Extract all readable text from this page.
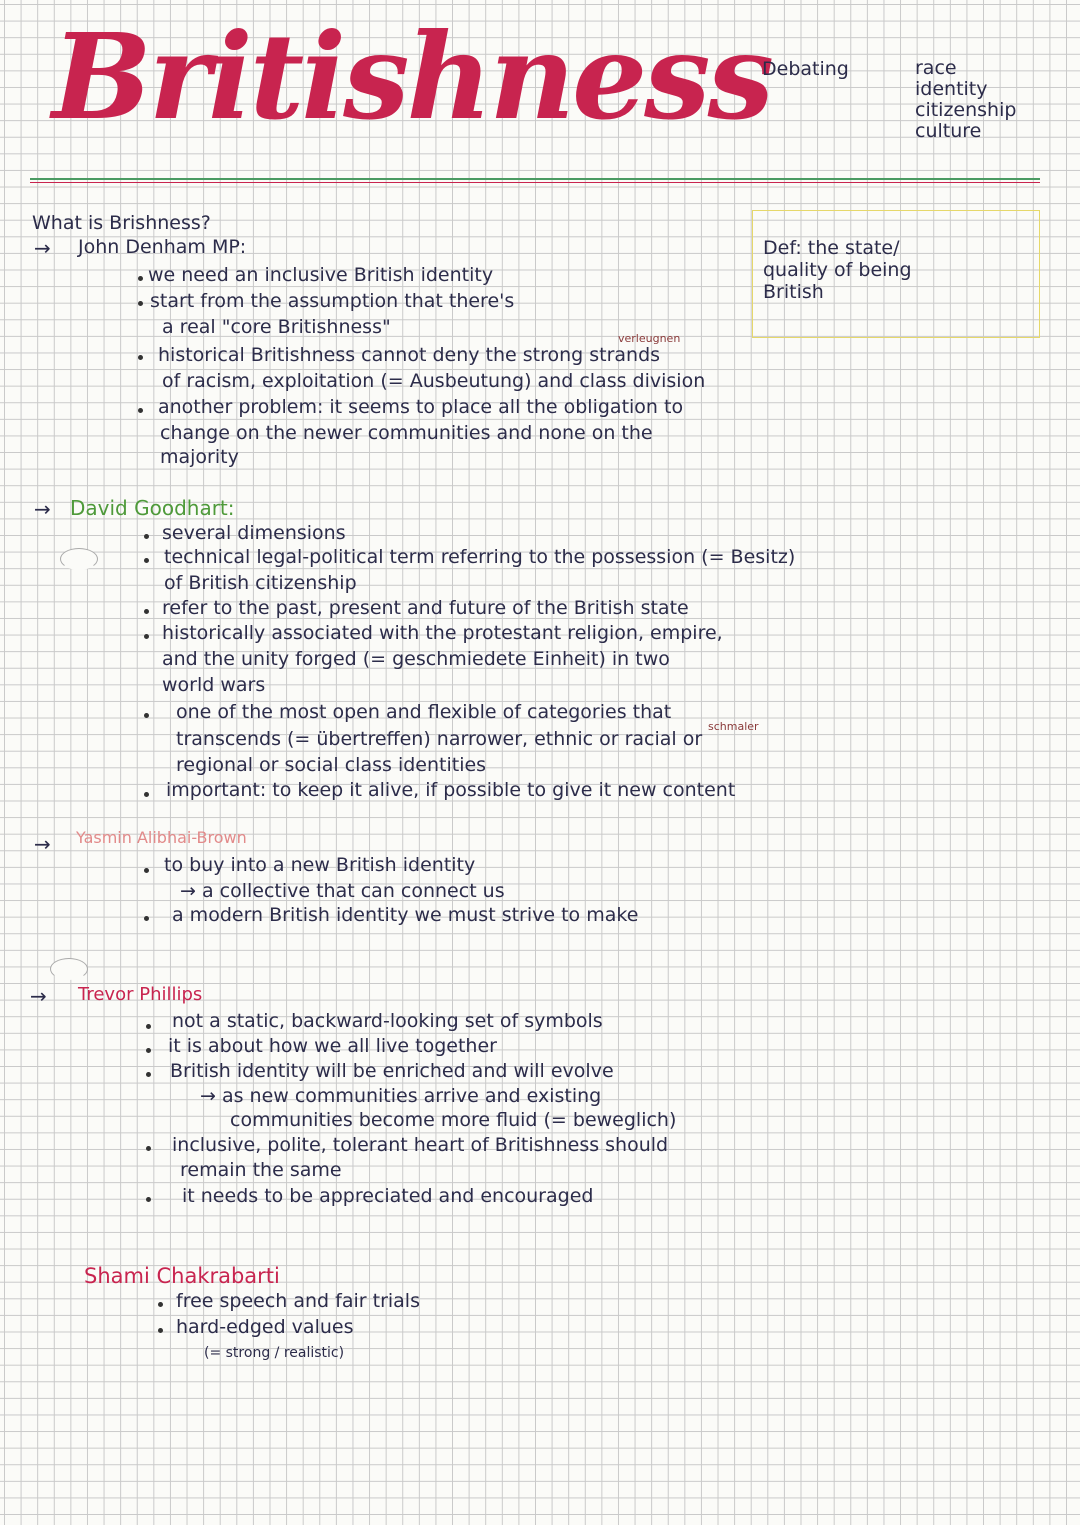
Britishness
Debating	race
identity
citizenship
culture
What is Brishness?
Def: the state/
quality of being
British
→ John Denham MP:
we need an inclusive British identity
start from the assumption that there's
a real "core Britishness"
verleugnen
historical Britishness cannot deny the strong strands
of racism, exploitation (= Ausbeutung) and class division
another problem: it seems to place all the obligation to
change on the newer communities and none on the
majority
→ David Goodhart:
several dimensions
technical legal-political term referring to the possession (= Besitz)
of British citizenship
refer to the past, present and future of the British state
historically associated with the protestant religion, empire,
and the unity forged (= geschmiedete Einheit) in two
world wars
one of the most open and flexible of categories that
schmaler
transcends (= übertreffen) narrower, ethnic or racial or
regional or social class identities
important: to keep it alive, if possible to give it new content
→ Yasmin Alibhai-Brown
to buy into a new British identity
→ a collective that can connect us
a modern British identity we must strive to make
→ Trevor Phillips
not a static, backward-looking set of symbols
it is about how we all live together
British identity will be enriched and will evolve
→ as new communities arrive and existing
communities become more fluid (= beweglich)
inclusive, polite, tolerant heart of Britishness should
remain the same
it needs to be appreciated and encouraged
Shami Chakrabarti
free speech and fair trials
hard-edged values
(= strong / realistic)
